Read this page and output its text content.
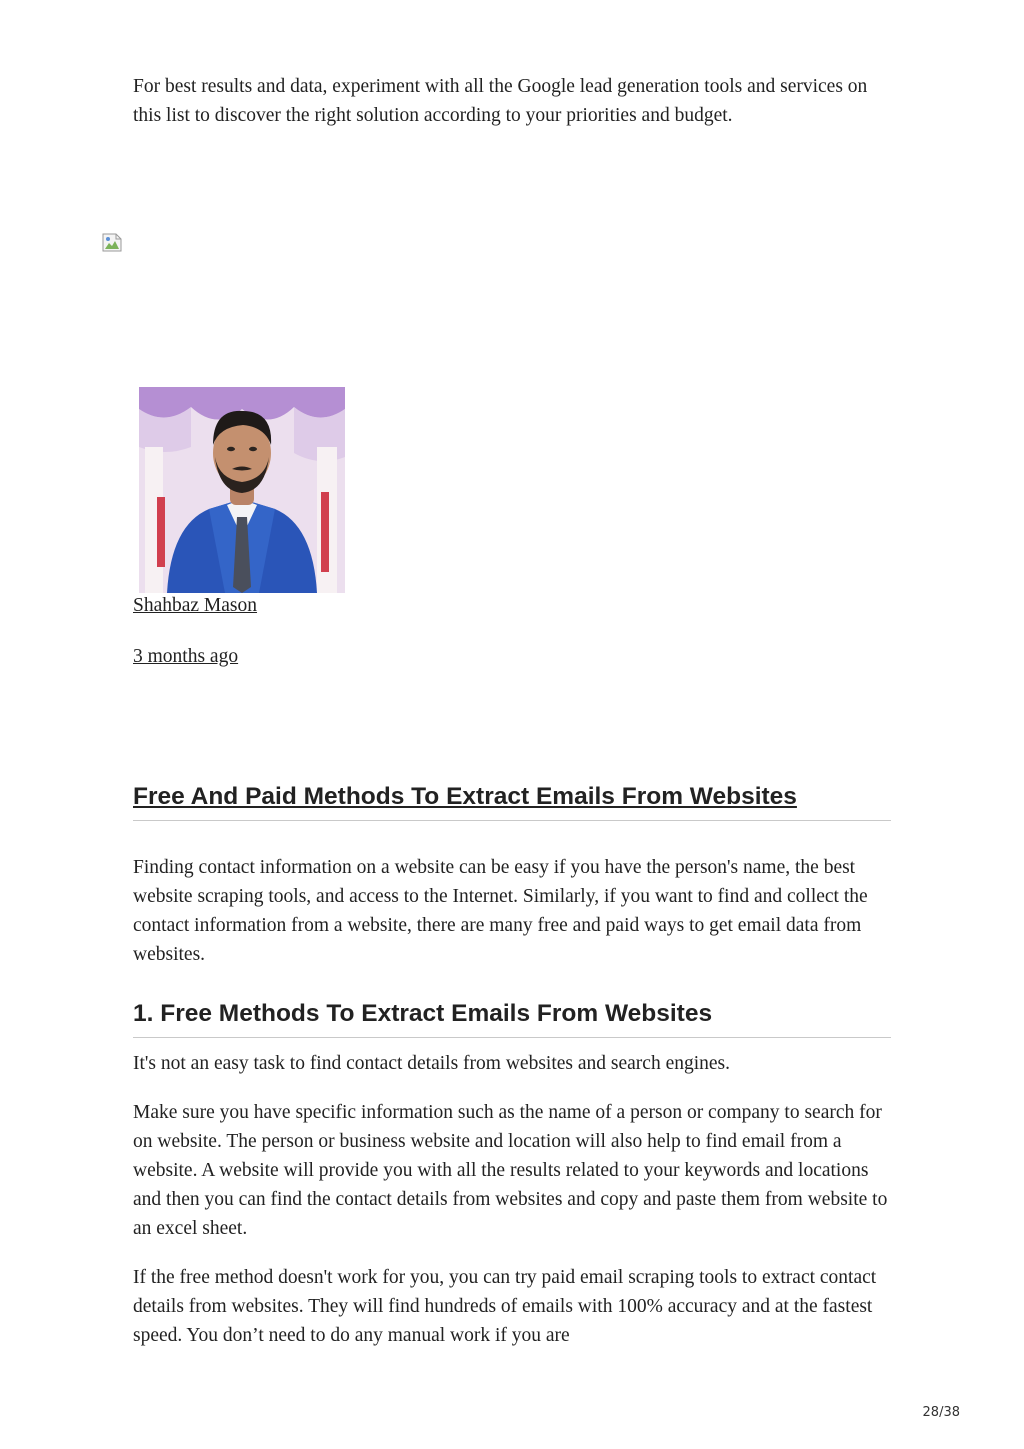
For best results and data, experiment with all the Google lead generation tools and services on this list to discover the right solution according to your priorities and budget.

Shahbaz Mason
3 months ago
Free And Paid Methods To Extract Emails From Websites

Finding contact information on a website can be easy if you have the person's name, the best website scraping tools, and access to the Internet. Similarly, if you want to find and collect the contact information from a website, there are many free and paid ways to get email data from websites.

1. Free Methods To Extract Emails From Websites

It's not an easy task to find contact details from websites and search engines.

Make sure you have specific information such as the name of a person or company to search for on website. The person or business website and location will also help to find email from a website. A website will provide you with all the results related to your keywords and locations and then you can find the contact details from websites and copy and paste them from website to an excel sheet.

If the free method doesn't work for you, you can try paid email scraping tools to extract contact details from websites. They will find hundreds of emails with 100% accuracy and at the fastest speed. You don’t need to do any manual work if you are

28/38
